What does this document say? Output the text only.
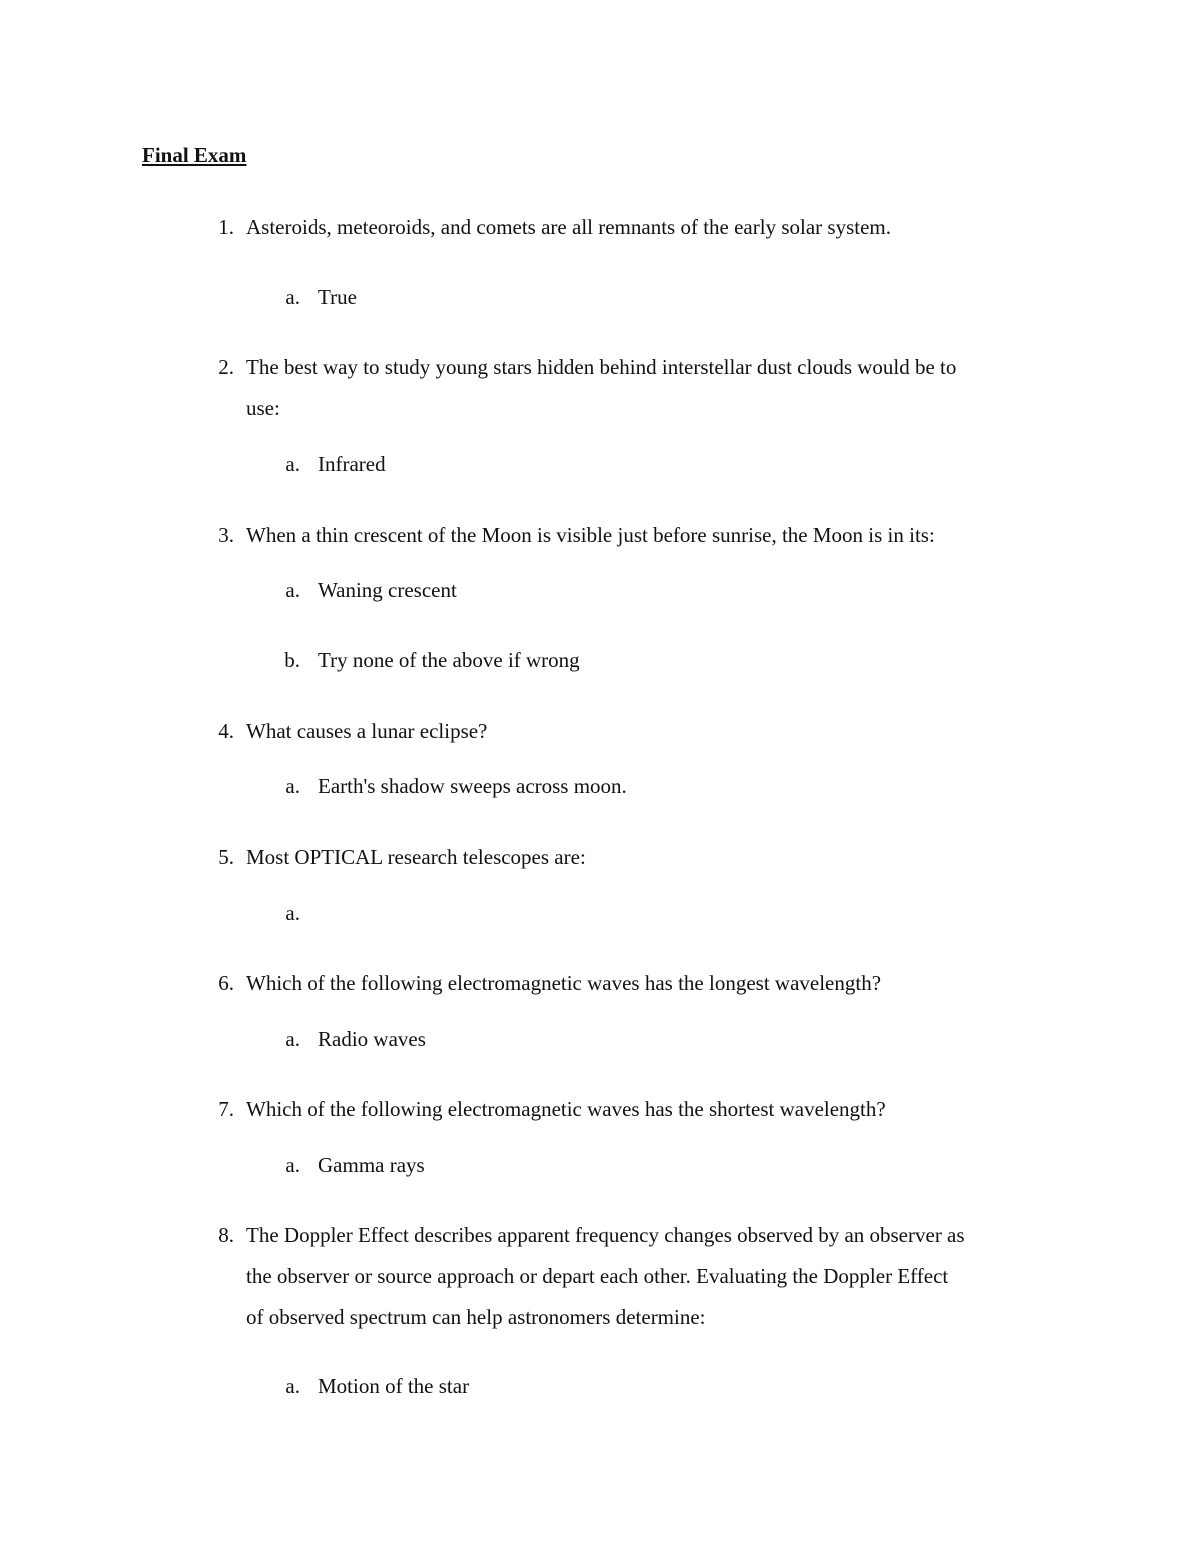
Final Exam
1. Asteroids, meteoroids, and comets are all remnants of the early solar system.
a. True
2. The best way to study young stars hidden behind interstellar dust clouds would be to
use:
a. Infrared
3. When a thin crescent of the Moon is visible just before sunrise, the Moon is in its:
a. Waning crescent
b. Try none of the above if wrong
4. What causes a lunar eclipse?
a. Earth's shadow sweeps across moon.
5. Most OPTICAL research telescopes are:
a.
6. Which of the following electromagnetic waves has the longest wavelength?
a. Radio waves
7. Which of the following electromagnetic waves has the shortest wavelength?
a. Gamma rays
8. The Doppler Effect describes apparent frequency changes observed by an observer as
the observer or source approach or depart each other. Evaluating the Doppler Effect
of observed spectrum can help astronomers determine:
a. Motion of the star
